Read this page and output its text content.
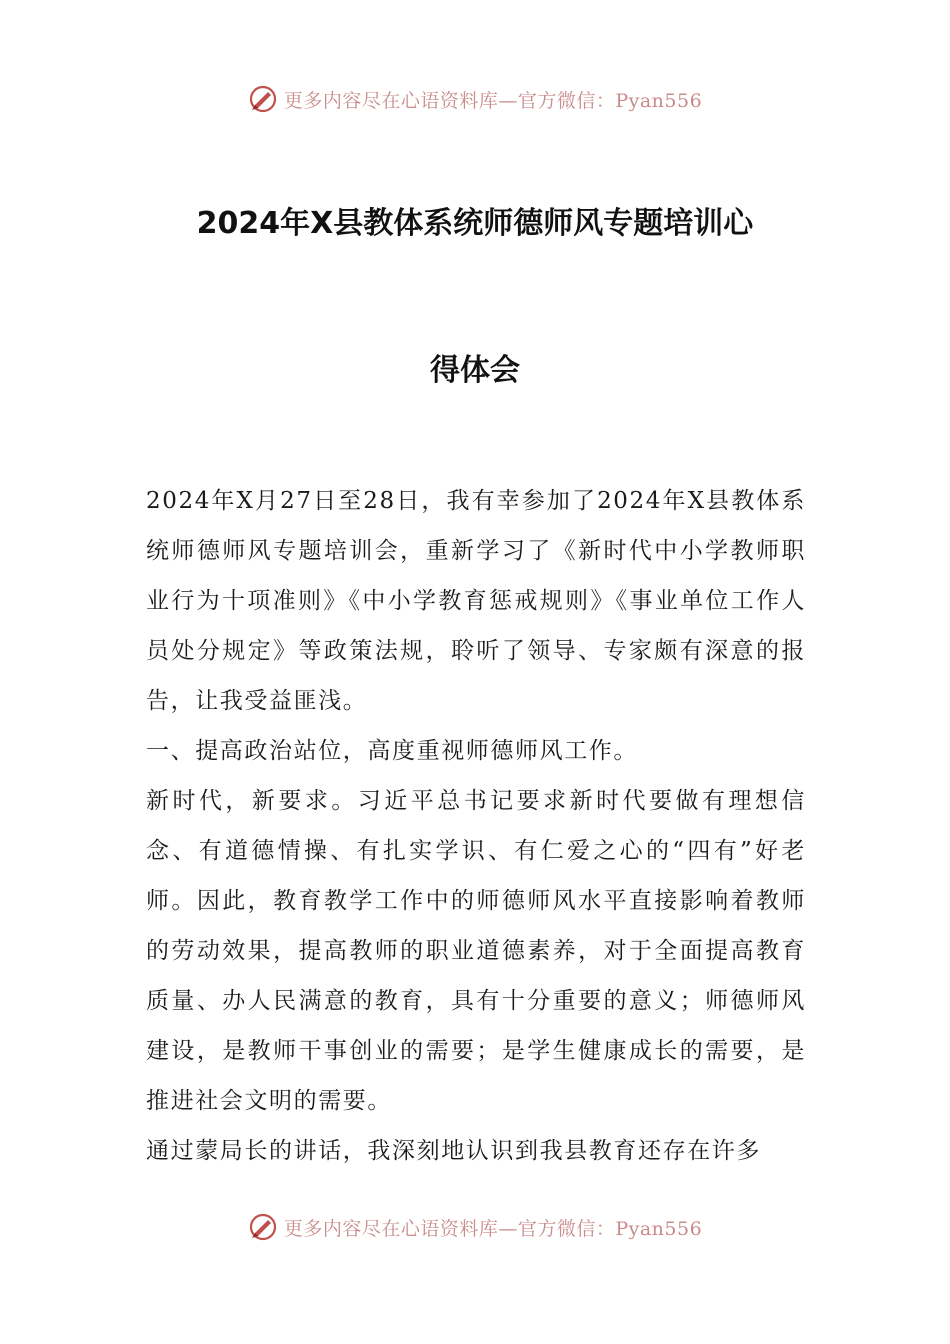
更多内容尽在心语资料库—官方微信：Pyan556
2024年X县教体系统师德师风专题培训心
得体会

2024年X月27日至28日，我有幸参加了2024年X县教体系统师德师风专题培训会，重新学习了《新时代中小学教师职业行为十项准则》《中小学教育惩戒规则》《事业单位工作人员处分规定》等政策法规，聆听了领导、专家颇有深意的报告，让我受益匪浅。

一、提高政治站位，高度重视师德师风工作。

新时代，新要求。习近平总书记要求新时代要做有理想信念、有道德情操、有扎实学识、有仁爱之心的“四有”好老师。因此，教育教学工作中的师德师风水平直接影响着教师的劳动效果，提高教师的职业道德素养，对于全面提高教育质量、办人民满意的教育，具有十分重要的意义；师德师风建设，是教师干事创业的需要；是学生健康成长的需要，是推进社会文明的需要。

通过蒙局长的讲话，我深刻地认识到我县教育还存在许多

更多内容尽在心语资料库—官方微信：Pyan556
